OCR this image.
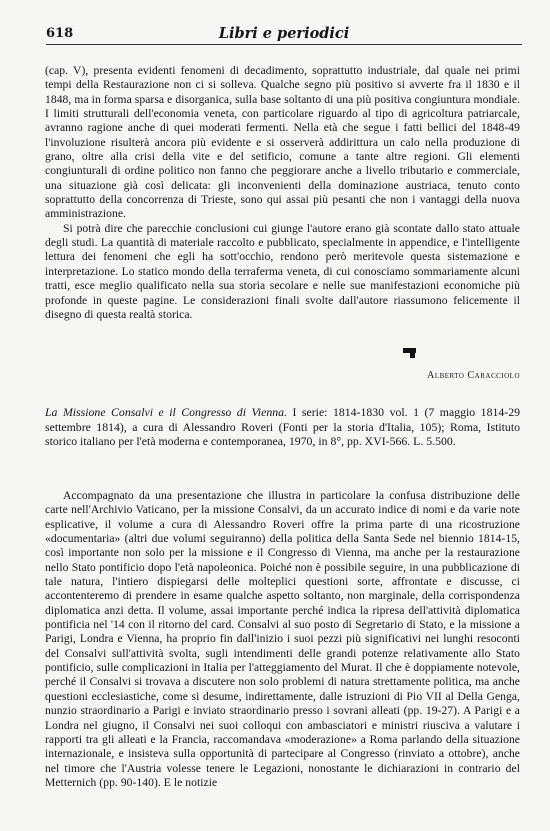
618	Libri e periodici

(cap. V), presenta evidenti fenomeni di decadimento, soprattutto industriale, dal quale nei primi tempi della Restaurazione non ci si solleva. Qualche segno più positivo si avverte fra il 1830 e il 1848, ma in forma sparsa e disorganica, sulla base soltanto di una più positiva congiuntura mondiale. I limiti strutturali dell'economia veneta, con particolare riguardo al tipo di agricoltura patriarcale, avranno ragione anche di quei moderati fermenti. Nella età che segue i fatti bellici del 1848-49 l'involuzione risulterà ancora più evidente e si osserverà addirittura un calo nella produzione di grano, oltre alla crisi della vite e del setificio, comune a tante altre regioni. Gli elementi congiunturali di ordine politico non fanno che peggiorare anche a livello tributario e commerciale, una situazione già così delicata: gli inconvenienti della dominazione austriaca, tenuto conto soprattutto della concorrenza di Trieste, sono qui assai più pesanti che non i vantaggi della nuova amministrazione.

Si potrà dire che parecchie conclusioni cui giunge l'autore erano già scontate dallo stato attuale degli studi. La quantità di materiale raccolto e pubblicato, specialmente in appendice, e l'intelligente lettura dei fenomeni che egli ha sott'occhio, rendono però meritevole questa sistemazione e interpretazione. Lo statico mondo della terraferma veneta, di cui conosciamo sommariamente alcuni tratti, esce meglio qualificato nella sua storia secolare e nelle sue manifestazioni economiche più profonde in queste pagine. Le considerazioni finali svolte dall'autore riassumono felicemente il disegno di questa realtà storica.

Alberto Caracciolo
La Missione Consalvi e il Congresso di Vienna. I serie: 1814-1830 vol. 1 (7 maggio 1814-29 settembre 1814), a cura di Alessandro Roveri (Fonti per la storia d'Italia, 105); Roma, Istituto storico italiano per l'età moderna e contemporanea, 1970, in 8°, pp. XVI-566. L. 5.500.

Accompagnato da una presentazione che illustra in particolare la confusa distribuzione delle carte nell'Archivio Vaticano, per la missione Consalvi, da un accurato indice di nomi e da varie note esplicative, il volume a cura di Alessandro Roveri offre la prima parte di una ricostruzione «documentaria» (altri due volumi seguiranno) della politica della Santa Sede nel biennio 1814-15, così importante non solo per la missione e il Congresso di Vienna, ma anche per la restaurazione nello Stato pontificio dopo l'età napoleonica. Poiché non è possibile seguire, in una pubblicazione di tale natura, l'intiero dispiegarsi delle molteplici questioni sorte, affrontate e discusse, ci accontenteremo di prendere in esame qualche aspetto soltanto, non marginale, della corrispondenza diplomatica anzi detta. Il volume, assai importante perché indica la ripresa dell'attività diplomatica pontificia nel '14 con il ritorno del card. Consalvi al suo posto di Segretario di Stato, e la missione a Parigi, Londra e Vienna, ha proprio fin dall'inizio i suoi pezzi più significativi nei lunghi resoconti del Consalvi sull'attività svolta, sugli intendimenti delle grandi potenze relativamente allo Stato pontificio, sulle complicazioni in Italia per l'atteggiamento del Murat. Il che è doppiamente notevole, perché il Consalvi si trovava a discutere non solo problemi di natura strettamente politica, ma anche questioni ecclesiastiche, come si desume, indirettamente, dalle istruzioni di Pio VII al Della Genga, nunzio straordinario a Parigi e inviato straordinario presso i sovrani alleati (pp. 19-27). A Parigi e a Londra nel giugno, il Consalvi nei suoi colloqui con ambasciatori e ministri riusciva a valutare i rapporti tra gli alleati e la Francia, raccomandava «moderazione» a Roma parlando della situazione internazionale, e insisteva sulla opportunità di partecipare al Congresso (rinviato a ottobre), anche nel timore che l'Austria volesse tenere le Legazioni, nonostante le dichiarazioni in contrario del Metternich (pp. 90-140). E le notizie
